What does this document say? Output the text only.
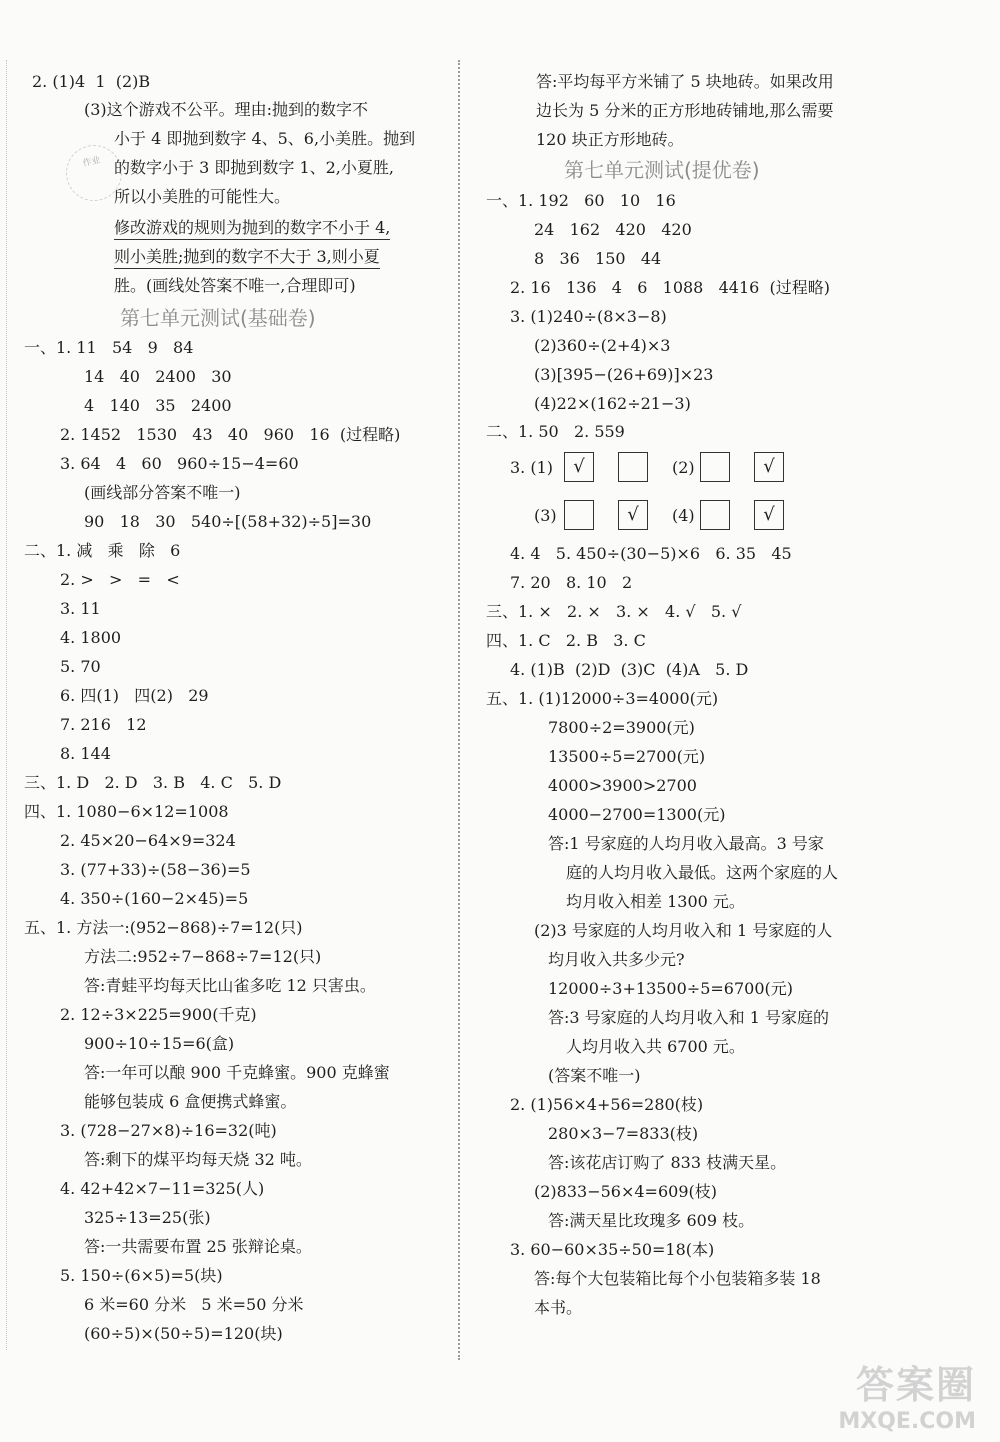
作业
2. (1)4  1  (2)B
(3)这个游戏不公平。理由:抛到的数字不
小于 4 即抛到数字 4、5、6,小美胜。抛到
的数字小于 3 即抛到数字 1、2,小夏胜,
所以小美胜的可能性大。
修改游戏的规则为抛到的数字不小于 4,
则小美胜;抛到的数字不大于 3,则小夏
胜。(画线处答案不唯一,合理即可)
第七单元测试(基础卷)
一、1. 11   54   9   84
14   40   2400   30
4   140   35   2400
2. 1452   1530   43   40   960   16  (过程略)
3. 64   4   60   960÷15−4=60
(画线部分答案不唯一)
90   18   30   540÷[(58+32)÷5]=30
二、1. 减   乘   除   6
2. >   >   =   <
3. 11
4. 1800
5. 70
6. 四(1)   四(2)   29
7. 216   12
8. 144
三、1. D   2. D   3. B   4. C   5. D
四、1. 1080−6×12=1008
2. 45×20−64×9=324
3. (77+33)÷(58−36)=5
4. 350÷(160−2×45)=5
五、1. 方法一:(952−868)÷7=12(只)
方法二:952÷7−868÷7=12(只)
答:青蛙平均每天比山雀多吃 12 只害虫。
2. 12÷3×225=900(千克)
900÷10÷15=6(盒)
答:一年可以酿 900 千克蜂蜜。900 克蜂蜜
能够包装成 6 盒便携式蜂蜜。
3. (728−27×8)÷16=32(吨)
答:剩下的煤平均每天烧 32 吨。
4. 42+42×7−11=325(人)
325÷13=25(张)
答:一共需要布置 25 张辩论桌。
5. 150÷(6×5)=5(块)
6 米=60 分米   5 米=50 分米
(60÷5)×(50÷5)=120(块)
答:平均每平方米铺了 5 块地砖。如果改用
边长为 5 分米的正方形地砖铺地,那么需要
120 块正方形地砖。
第七单元测试(提优卷)
一、1. 192   60   10   16
24   162   420   420
8   36   150   44
2. 16   136   4   6   1088   4416  (过程略)
3. (1)240÷(8×3−8)
(2)360÷(2+4)×3
(3)[395−(26+69)]×23
(4)22×(162÷21−3)
二、1. 50   2. 559
3. (1)	√	(2)	√
(3)	√	(4)	√
4. 4   5. 450÷(30−5)×6   6. 35   45
7. 20   8. 10   2
三、1. ×   2. ×   3. ×   4. √   5. √
四、1. C   2. B   3. C
4. (1)B  (2)D  (3)C  (4)A   5. D
五、1. (1)12000÷3=4000(元)
7800÷2=3900(元)
13500÷5=2700(元)
4000>3900>2700
4000−2700=1300(元)
答:1 号家庭的人均月收入最高。3 号家
庭的人均月收入最低。这两个家庭的人
均月收入相差 1300 元。
(2)3 号家庭的人均月收入和 1 号家庭的人
均月收入共多少元?
12000÷3+13500÷5=6700(元)
答:3 号家庭的人均月收入和 1 号家庭的
人均月收入共 6700 元。
(答案不唯一)
2. (1)56×4+56=280(枝)
280×3−7=833(枝)
答:该花店订购了 833 枝满天星。
(2)833−56×4=609(枝)
答:满天星比玫瑰多 609 枝。
3. 60−60×35÷50=18(本)
答:每个大包装箱比每个小包装箱多装 18
本书。
答案圈
MXQE.COM
